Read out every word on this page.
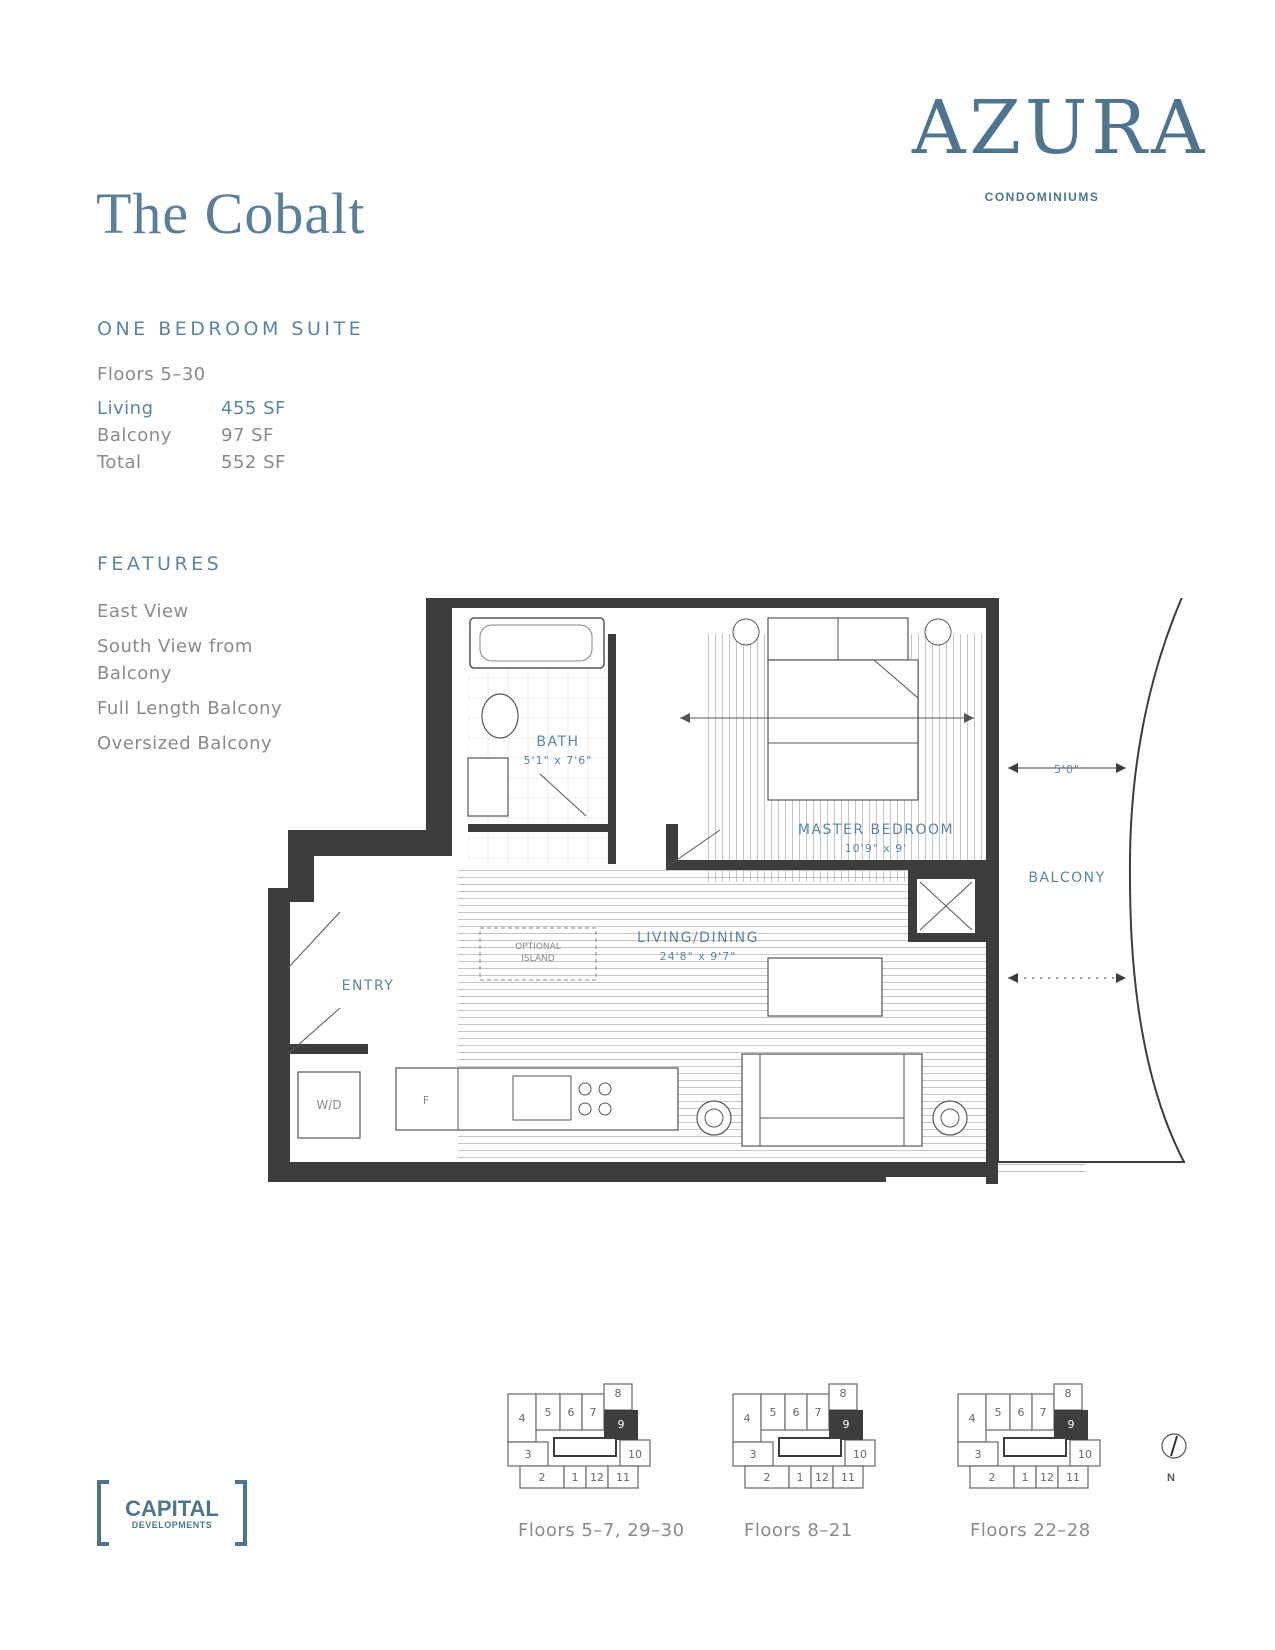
AZURA
CONDOMINIUMS
The Cobalt
ONE BEDROOM SUITE
Floors 5–30
Living	455 SF
Balcony	97 SF
Total	552 SF
FEATURES
East View
South View from Balcony
Full Length Balcony
Oversized Balcony
OPTIONAL
ISLAND
F
W/D
BATH
5'1" x 7'6"
MASTER BEDROOM
10'9" x 9'
LIVING/DINING
24'8" x 9'7"
ENTRY
5'0"
BALCONY
8
4 5 6 7
9
3	10
2 1 12 11
8
4 5 6 7
9
3	10
2 1 12 11
8
4 5 6 7
9
3	10
2 1 12 11
Floors 5–7, 29–30	Floors 8–21	Floors 22–28
N
CAPITAL
DEVELOPMENTS
